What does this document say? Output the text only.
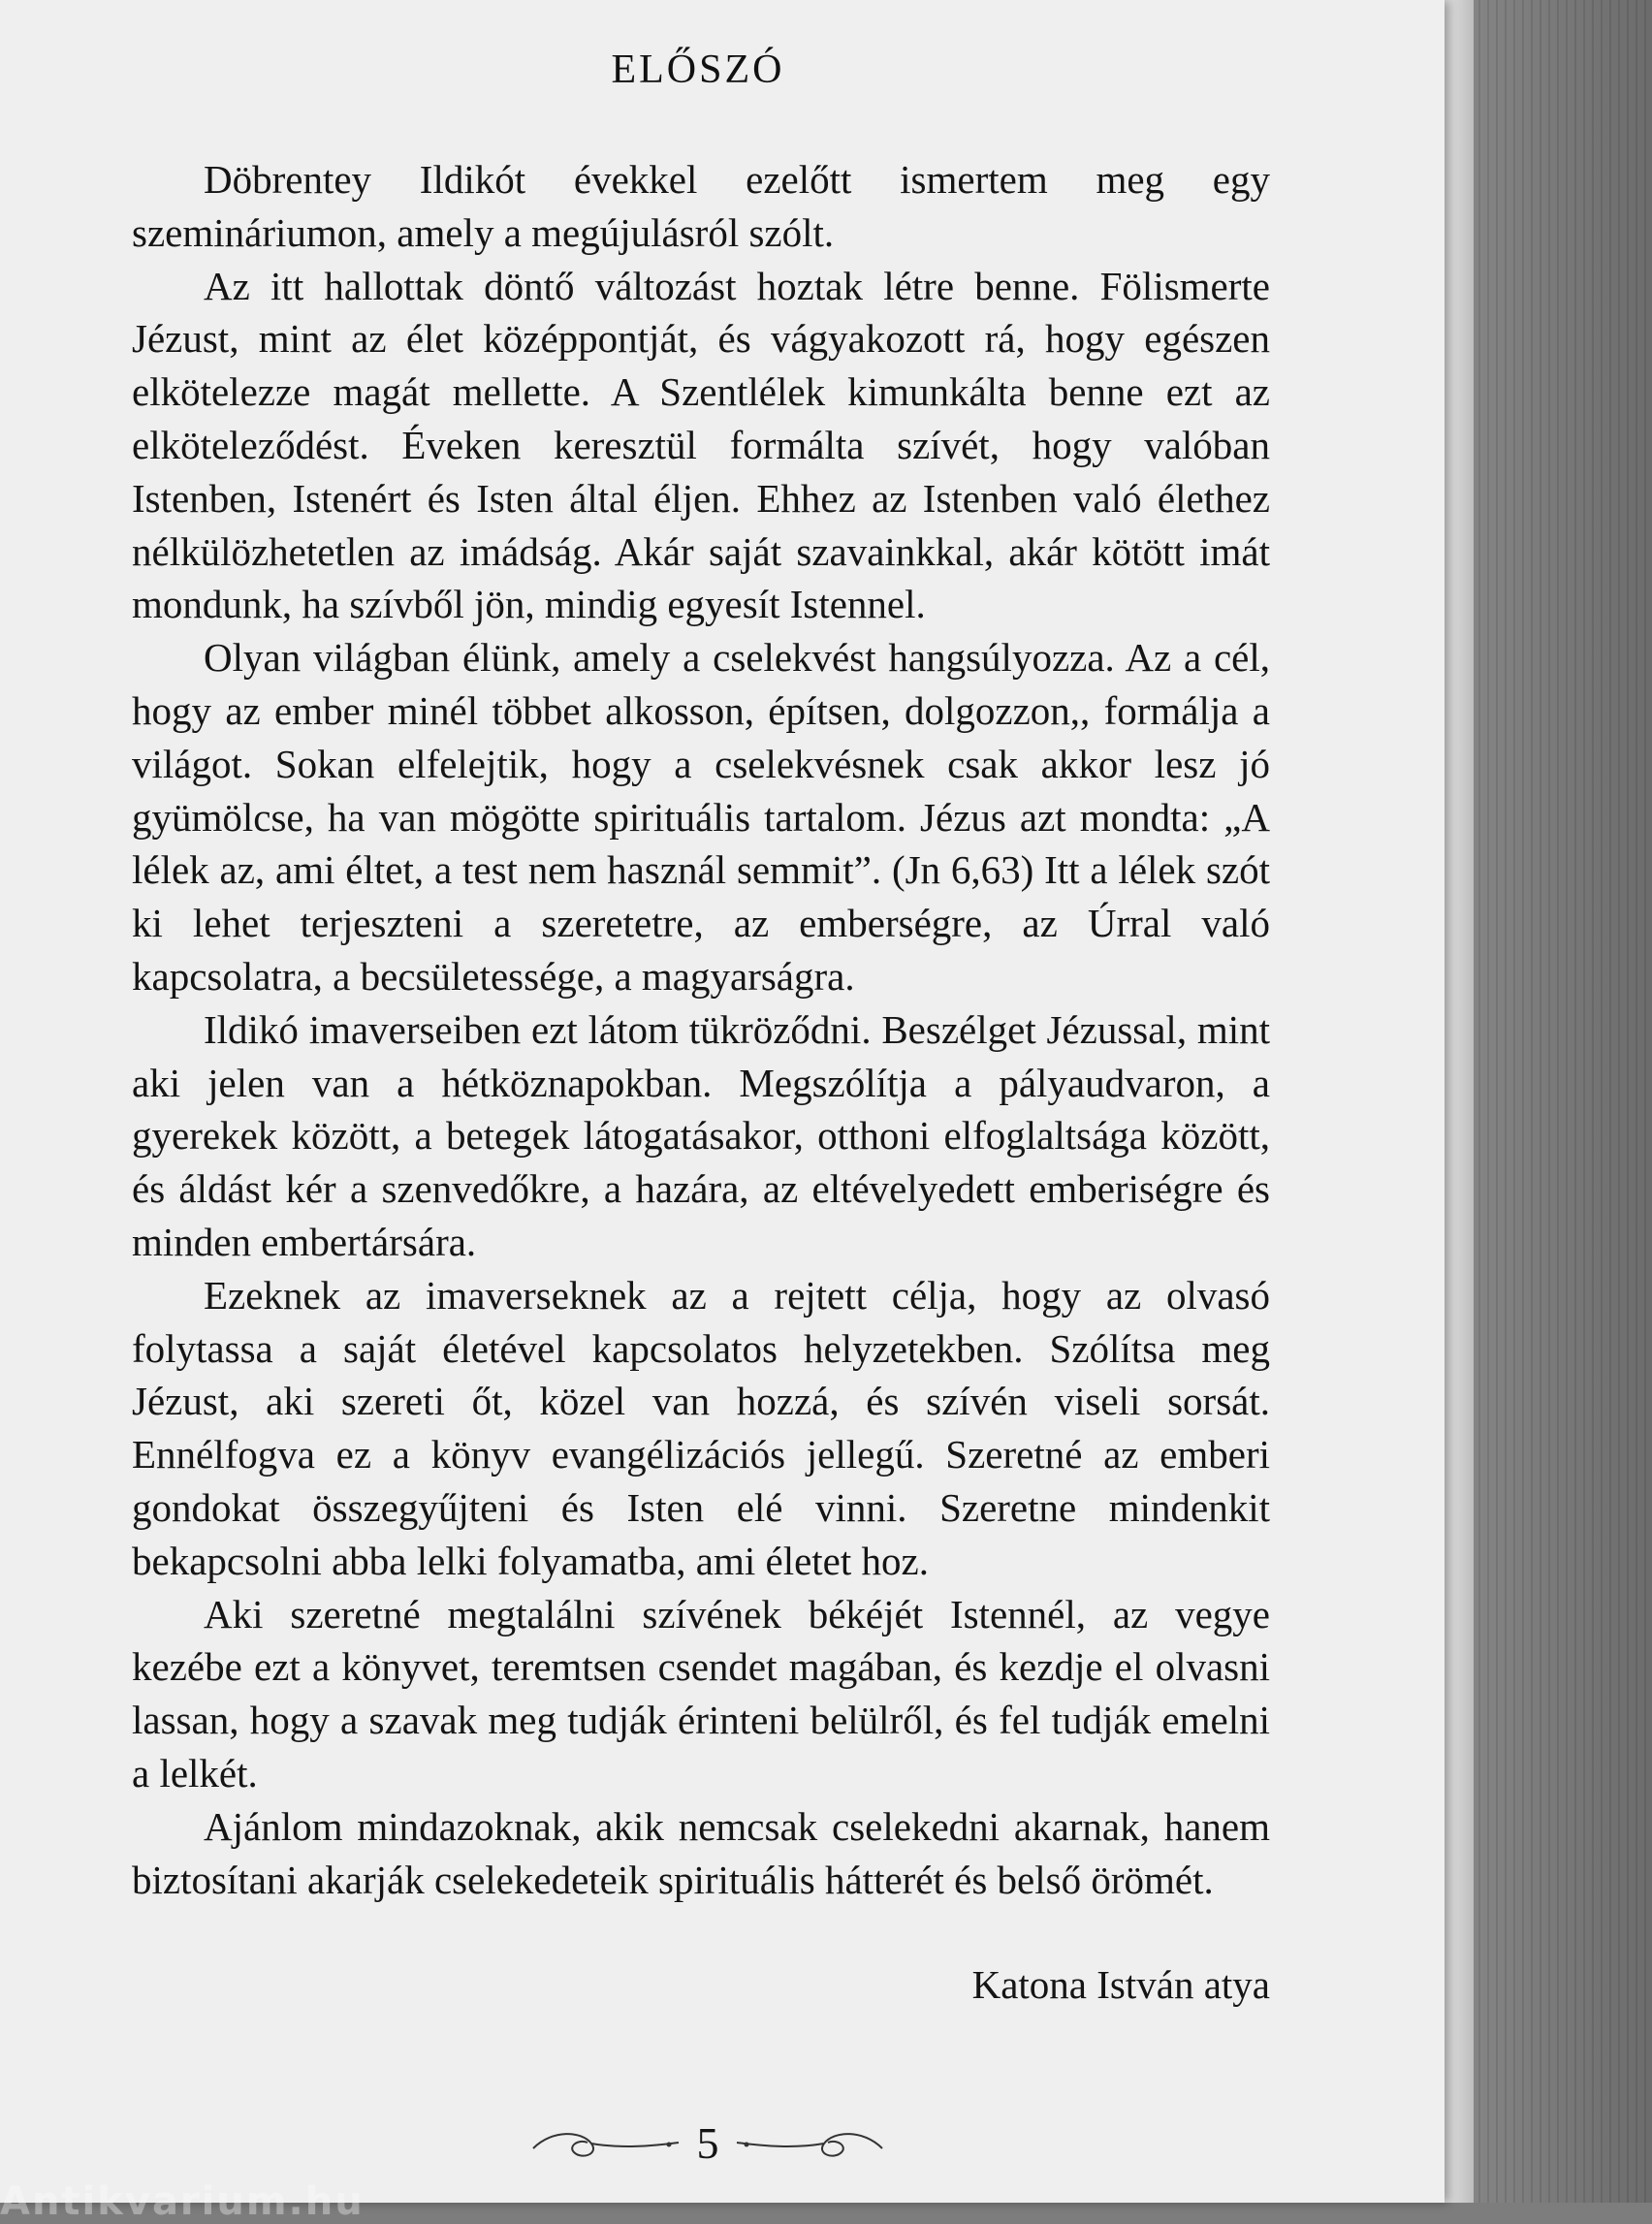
ELŐSZÓ

Döbrentey Ildikót évekkel ezelőtt ismertem meg egy szemináriumon, amely a megújulásról szólt.

Az itt hallottak döntő változást hoztak létre benne. Fölismerte Jézust, mint az élet középpontját, és vágyakozott rá, hogy egészen elkötelezze magát mellette. A Szentlélek kimunkálta benne ezt az elköteleződést. Éveken keresztül formálta szívét, hogy valóban Istenben, Istenért és Isten által éljen. Ehhez az Istenben való élethez nélkülözhetetlen az imádság. Akár saját szavainkkal, akár kötött imát mondunk, ha szívből jön, mindig egyesít Istennel.

Olyan világban élünk, amely a cselekvést hangsúlyozza. Az a cél, hogy az ember minél többet alkosson, építsen, dolgozzon,, formálja a világot. Sokan elfelejtik, hogy a cselekvésnek csak akkor lesz jó gyümölcse, ha van mögötte spirituális tartalom. Jézus azt mondta: „A lélek az, ami éltet, a test nem használ semmit”. (Jn 6,63) Itt a lélek szót ki lehet terjeszteni a szeretetre, az emberségre, az Úrral való kapcsolatra, a becsületessége, a magyarságra.

Ildikó imaverseiben ezt látom tükröződni. Beszélget Jézussal, mint aki jelen van a hétköznapokban. Megszólítja a pályaudvaron, a gyerekek között, a betegek látogatásakor, otthoni elfoglaltsága között, és áldást kér a szenvedőkre, a hazára, az eltévelyedett emberiségre és minden embertársára.

Ezeknek az imaverseknek az a rejtett célja, hogy az olvasó folytassa a saját életével kapcsolatos helyzetekben. Szólítsa meg Jézust, aki szereti őt, közel van hozzá, és szívén viseli sorsát. Ennélfogva ez a könyv evangélizációs jellegű. Szeretné az emberi gondokat összegyűjteni és Isten elé vinni. Szeretne mindenkit bekapcsolni abba lelki folyamatba, ami életet hoz.

Aki szeretné megtalálni szívének békéjét Istennél, az vegye kezébe ezt a könyvet, teremtsen csendet magában, és kezdje el olvasni lassan, hogy a szavak meg tudják érinteni belülről, és fel tudják emelni a lelkét.

Ajánlom mindazoknak, akik nemcsak cselekedni akarnak, hanem biztosítani akarják cselekedeteik spirituális hátterét és belső örömét.

Katona István atya
5
Antikvarium.hu
